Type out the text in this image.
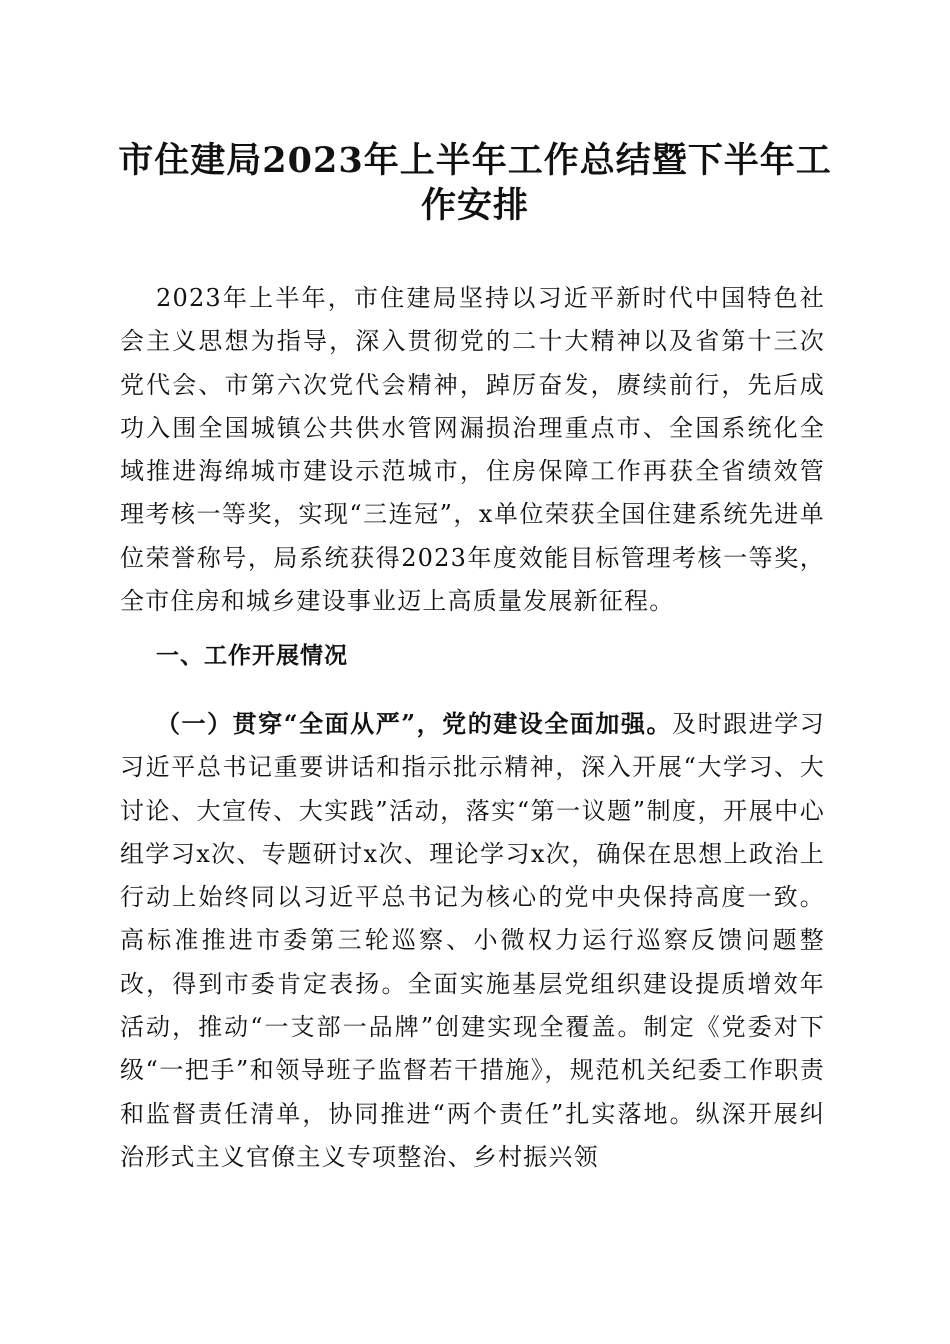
市住建局2023年上半年工作总结暨下半年工作安排

2023年上半年，市住建局坚持以习近平新时代中国特色社会主义思想为指导，深入贯彻党的二十大精神以及省第十三次党代会、市第六次党代会精神，踔厉奋发，赓续前行，先后成功入围全国城镇公共供水管网漏损治理重点市、全国系统化全域推进海绵城市建设示范城市，住房保障工作再获全省绩效管理考核一等奖，实现“三连冠”，x单位荣获全国住建系统先进单位荣誉称号，局系统获得2023年度效能目标管理考核一等奖，全市住房和城乡建设事业迈上高质量发展新征程。

一、工作开展情况

（一）贯穿“全面从严”，党的建设全面加强。及时跟进学习习近平总书记重要讲话和指示批示精神，深入开展“大学习、大讨论、大宣传、大实践”活动，落实“第一议题”制度，开展中心组学习x次、专题研讨x次、理论学习x次，确保在思想上政治上行动上始终同以习近平总书记为核心的党中央保持高度一致。高标准推进市委第三轮巡察、小微权力运行巡察反馈问题整改，得到市委肯定表扬。全面实施基层党组织建设提质增效年活动，推动“一支部一品牌”创建实现全覆盖。制定《党委对下级“一把手”和领导班子监督若干措施》，规范机关纪委工作职责和监督责任清单，协同推进“两个责任”扎实落地。纵深开展纠治形式主义官僚主义专项整治、乡村振兴领
